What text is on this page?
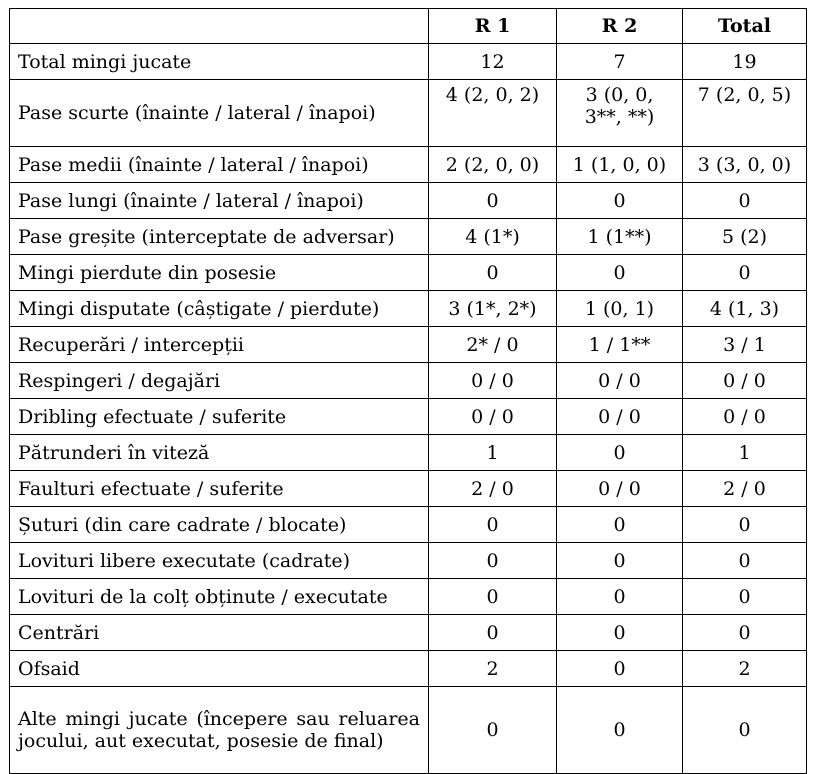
	R 1	R 2	Total
Total mingi jucate	12	7	19
Pase scurte (înainte / lateral / înapoi)	4 (2, 0, 2)	3 (0, 0, 3**, **)	7 (2, 0, 5)
Pase medii (înainte / lateral / înapoi)	2 (2, 0, 0)	1 (1, 0, 0)	3 (3, 0, 0)
Pase lungi (înainte / lateral / înapoi)	0	0	0
Pase greșite (interceptate de adversar)	4 (1*)	1 (1**)	5 (2)
Mingi pierdute din posesie	0	0	0
Mingi disputate (câștigate / pierdute)	3 (1*, 2*)	1 (0, 1)	4 (1, 3)
Recuperări / intercepții	2* / 0	1 / 1**	3 / 1
Respingeri / degajări	0 / 0	0 / 0	0 / 0
Dribling efectuate / suferite	0 / 0	0 / 0	0 / 0
Pătrunderi în viteză	1	0	1
Faulturi efectuate / suferite	2 / 0	0 / 0	2 / 0
Șuturi (din care cadrate / blocate)	0	0	0
Lovituri libere executate (cadrate)	0	0	0
Lovituri de la colț obținute / executate	0	0	0
Centrări	0	0	0
Ofsaid	2	0	2
Alte mingi jucate (începere sau reluarea jocului, aut executat, posesie de final)	0	0	0
